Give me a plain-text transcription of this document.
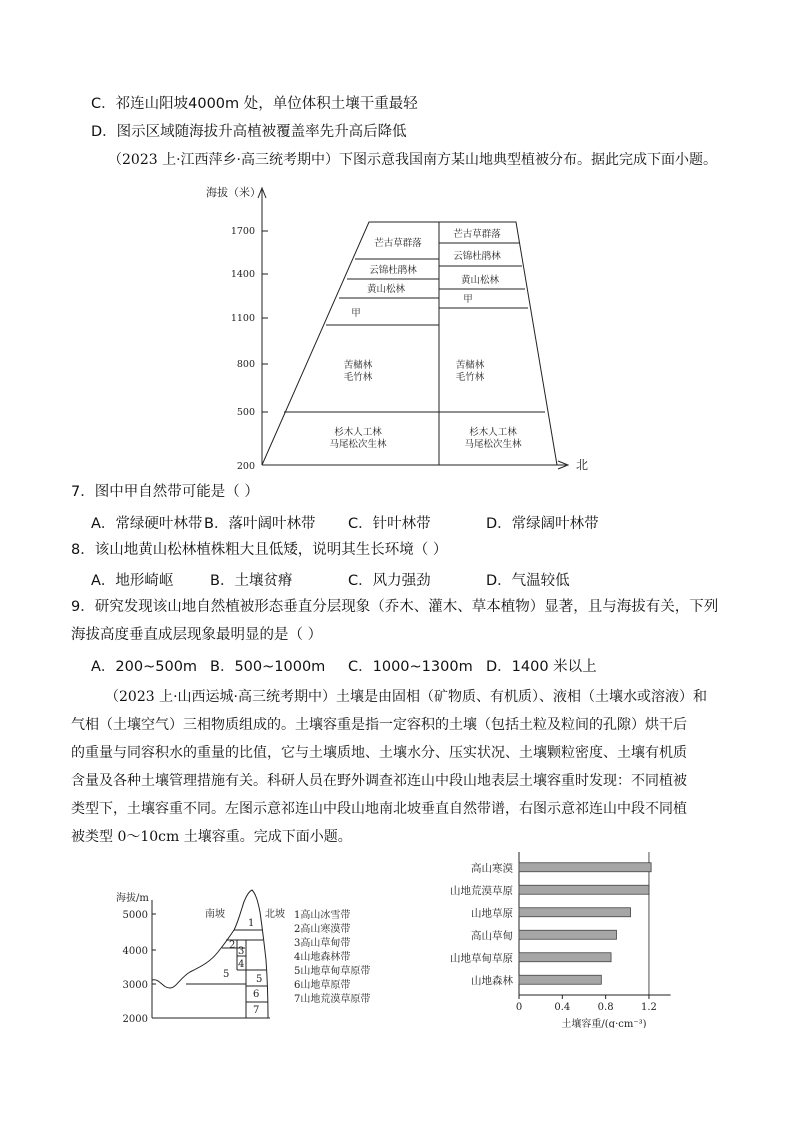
C．祁连山阳坡4000m 处，单位体积土壤干重最轻
D．图示区域随海拔升高植被覆盖率先升高后降低
（2023 上·江西萍乡·高三统考期中）下图示意我国南方某山地典型植被分布。据此完成下面小题。
海拔（米）
北
1700
1400
1100
800
500
200
芒古草群落
云锦杜鹃林
黄山松林
甲
苦槠林
毛竹林
杉木人工林
马尾松次生林
芒古草群落
云锦杜鹃林
黄山松林
甲
苦槠林
毛竹林
杉木人工林
马尾松次生林
7．图中甲自然带可能是（ ）
A．常绿硬叶林带 B．落叶阔叶林带 C．针叶林带	D．常绿阔叶林带
8．该山地黄山松林植株粗大且低矮，说明其生长环境（ ）
A．地形崎岖	B．土壤贫瘠	C．风力强劲	D．气温较低
9．研究发现该山地自然植被形态垂直分层现象（乔木、灌木、草本植物）显著，且与海拔有关，下列
海拔高度垂直成层现象最明显的是（ ）
A．200~500m B．500~1000m C．1000~1300m D．1400 米以上
（2023 上·山西运城·高三统考期中）土壤是由固相（矿物质、有机质）、液相（土壤水或溶液）和
气相（土壤空气）三相物质组成的。土壤容重是指一定容积的土壤（包括土粒及粒间的孔隙）烘干后
的重量与同容积水的重量的比值，它与土壤质地、土壤水分、压实状况、土壤颗粒密度、土壤有机质
含量及各种土壤管理措施有关。科研人员在野外调查祁连山中段山地表层土壤容重时发现：不同植被
类型下，土壤容重不同。左图示意祁连山中段山地南北坡垂直自然带谱，右图示意祁连山中段不同植
被类型 0～10cm 土壤容重。完成下面小题。
海拔/m
5000
4000
3000
2000
南坡	北坡
1
2
3
4
5
5
6
7
1高山冰雪带
2高山寒漠带
3高山草甸带
4山地森林带
5山地草甸草原带
6山地草原带
7山地荒漠草原带
高山寒漠
山地荒漠草原
山地草原
高山草甸
山地草甸草原
山地森林
0	0.4	0.8	1.2
土壤容重/(g·cm⁻³)
